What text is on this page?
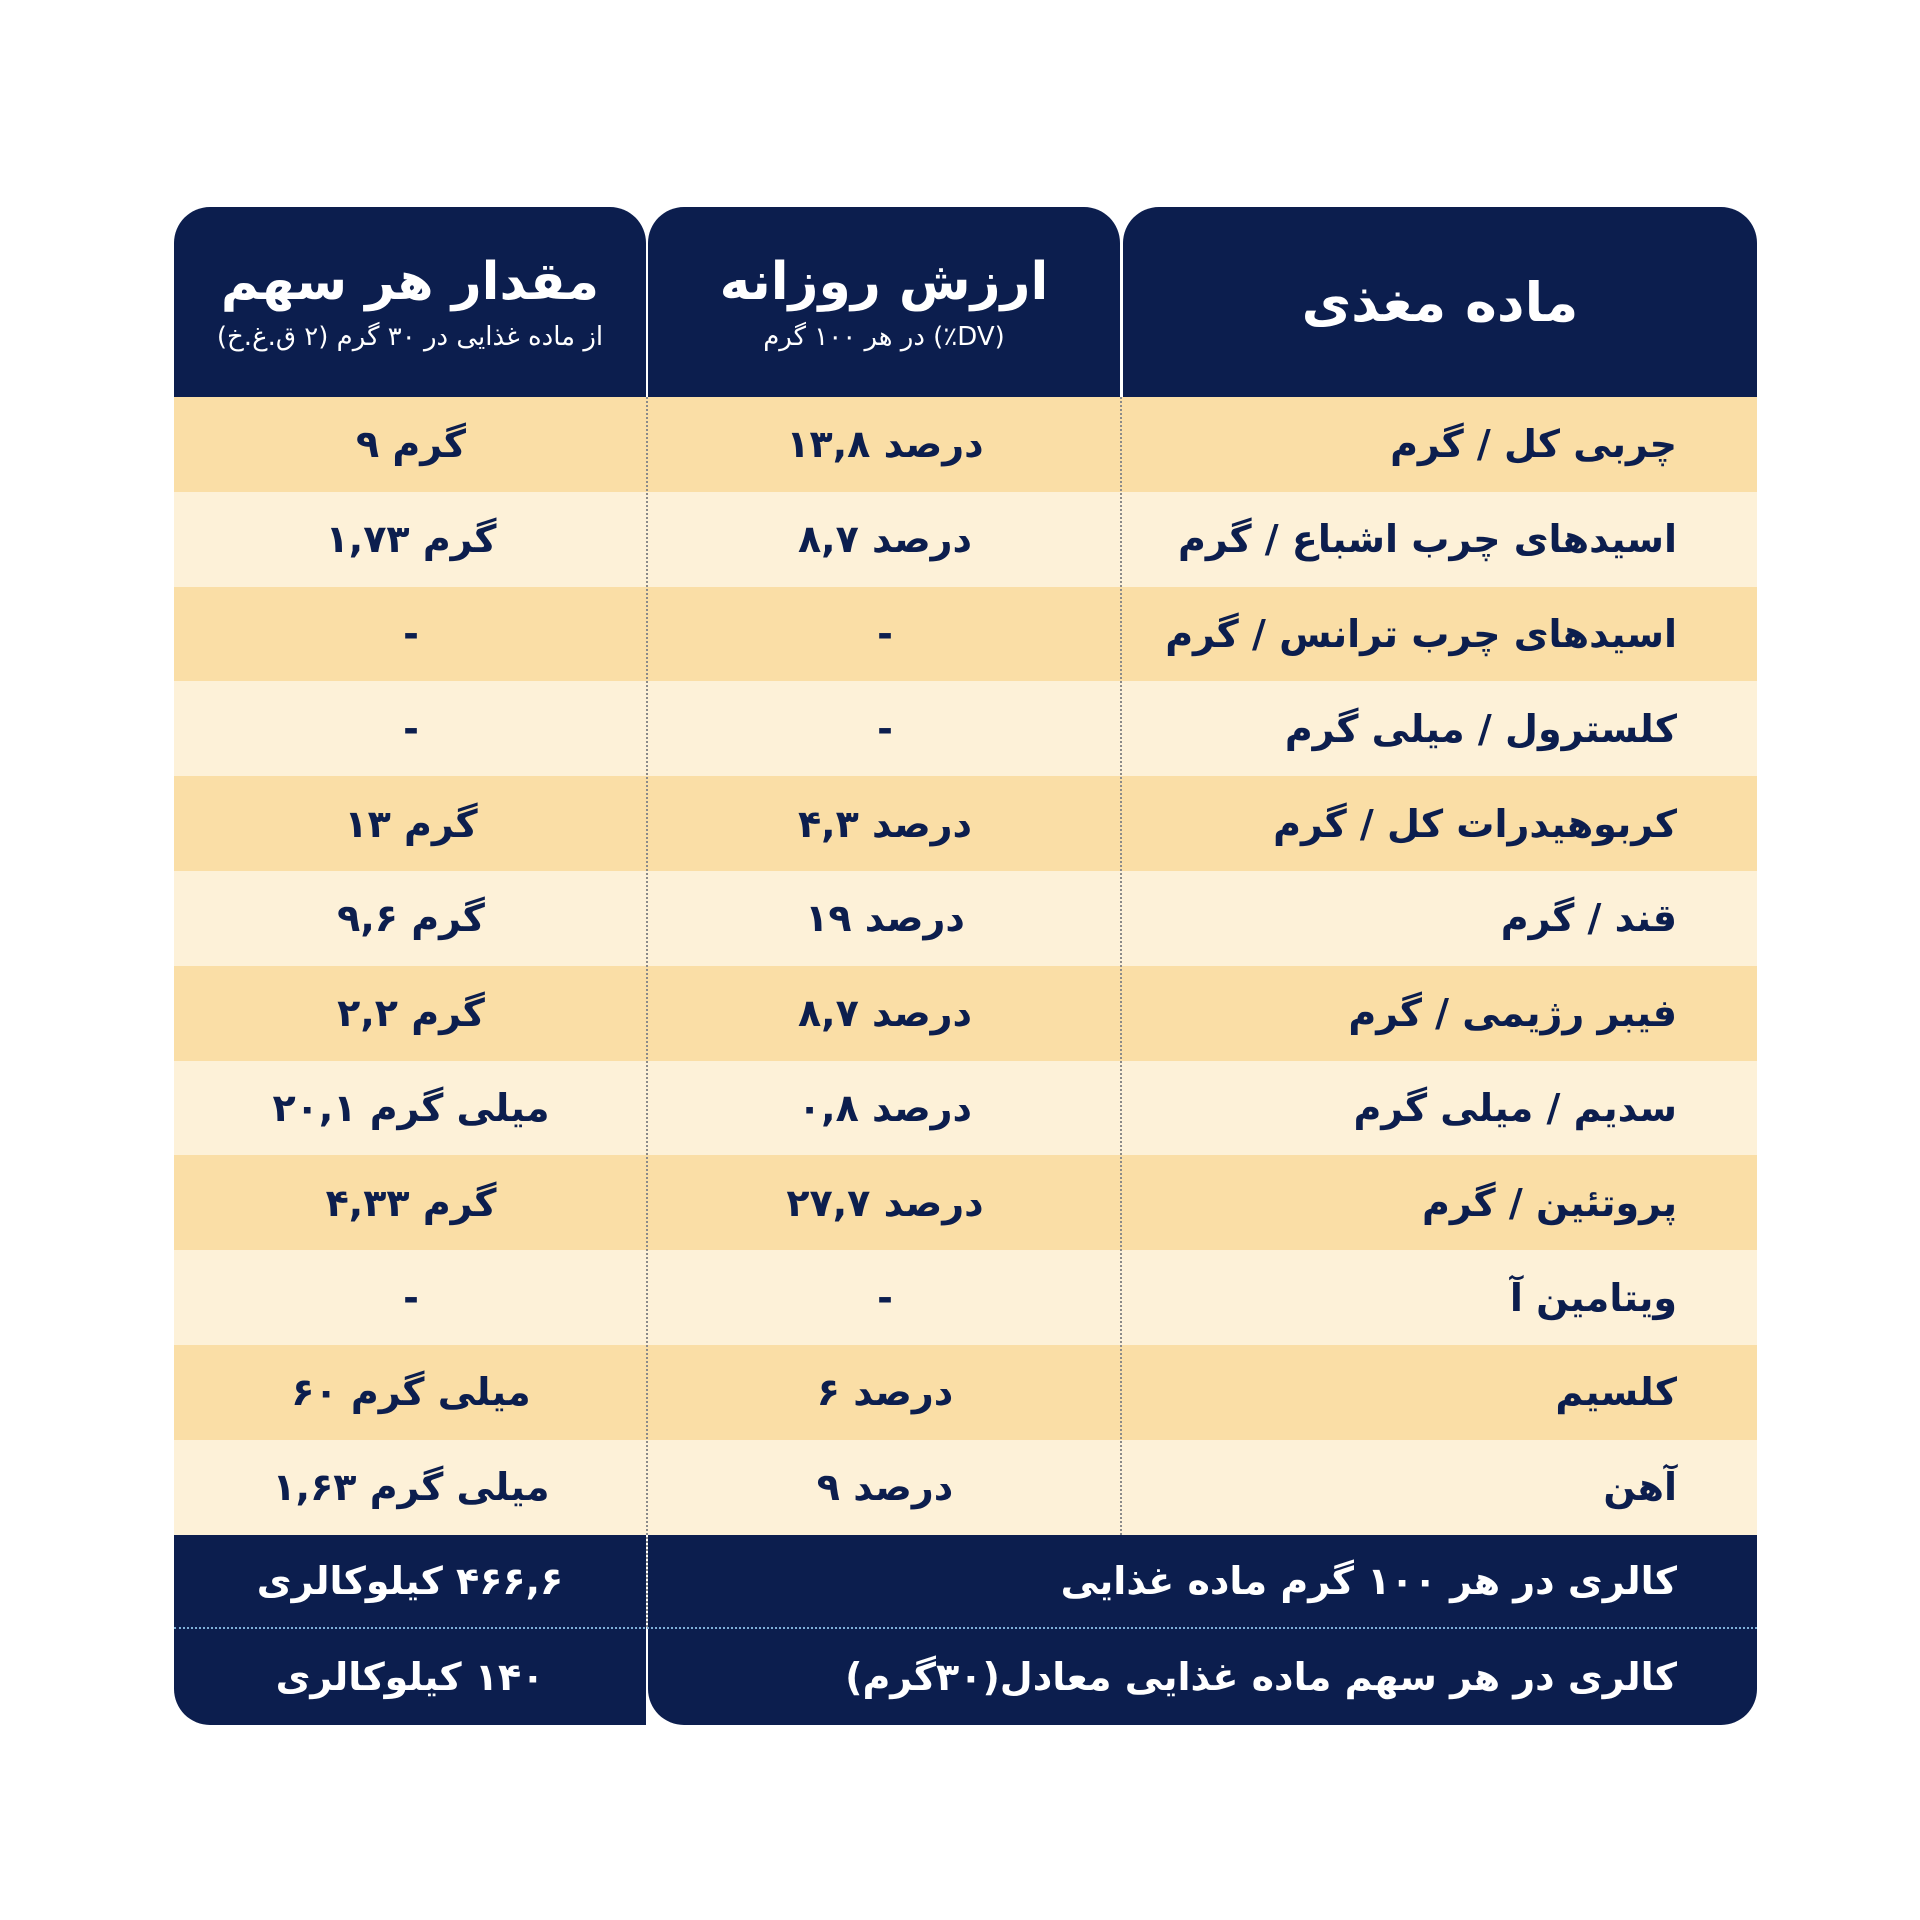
ماده مغذی
ارزش روزانه
(DV٪) در هر ۱۰۰ گرم
مقدار هر سهم
از ماده غذایی در ۳۰ گرم (۲ ق.غ.خ)
چربی کل / گرم
۱۳,۸ درصد
۹ گرم
اسیدهای چرب اشباع / گرم
۸,۷ درصد
۱,۷۳ گرم
اسیدهای چرب ترانس / گرم
-
-
کلسترول / میلی گرم
-
-
کربوهیدرات کل / گرم
۴,۳ درصد
۱۳ گرم
قند / گرم
۱۹ درصد
۹,۶ گرم
فیبر رژیمی / گرم
۸,۷ درصد
۲,۲ گرم
سدیم / میلی گرم
۰,۸ درصد
۲۰,۱ میلی گرم
پروتئین / گرم
۲۷,۷ درصد
۴,۳۳ گرم
ویتامین آ
-
-
کلسیم
۶ درصد
۶۰ میلی گرم
آهن
۹ درصد
۱,۶۳ میلی گرم
۴۶۶,۶ کیلوکالری	کالری در هر ۱۰۰ گرم ماده غذایی
۱۴۰ کیلوکالری	کالری در هر سهم ماده غذایی معادل(۳۰گرم)
